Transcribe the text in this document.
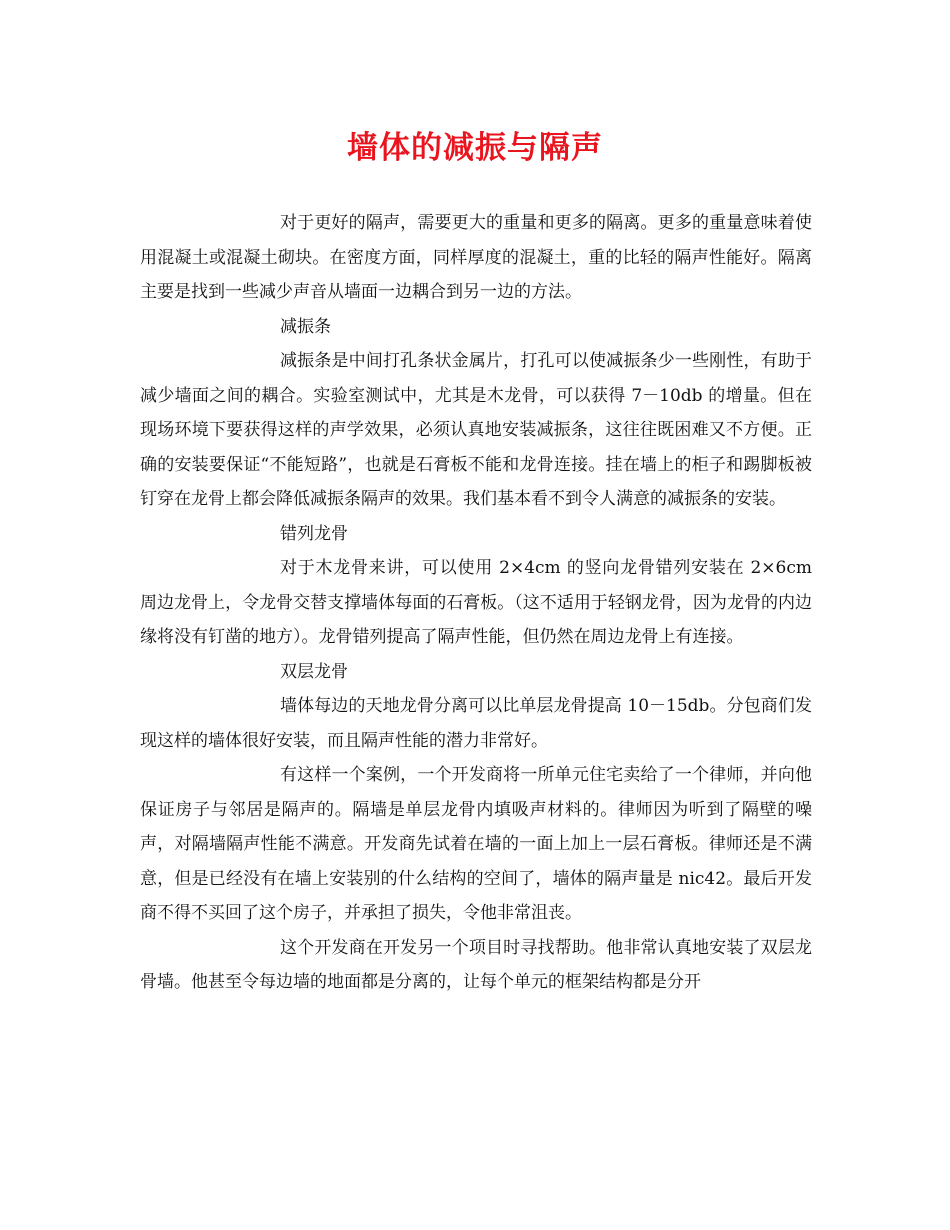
墙体的减振与隔声

对于更好的隔声，需要更大的重量和更多的隔离。更多的重量意味着使用混凝土或混凝土砌块。在密度方面，同样厚度的混凝土，重的比轻的隔声性能好。隔离主要是找到一些减少声音从墙面一边耦合到另一边的方法。

减振条

减振条是中间打孔条状金属片，打孔可以使减振条少一些刚性，有助于减少墙面之间的耦合。实验室测试中，尤其是木龙骨，可以获得 7－10db 的增量。但在现场环境下要获得这样的声学效果，必须认真地安装减振条，这往往既困难又不方便。正确的安装要保证“不能短路”，也就是石膏板不能和龙骨连接。挂在墙上的柜子和踢脚板被钉穿在龙骨上都会降低减振条隔声的效果。我们基本看不到令人满意的减振条的安装。

错列龙骨

对于木龙骨来讲，可以使用 2×4cm 的竖向龙骨错列安装在 2×6cm 周边龙骨上，令龙骨交替支撑墙体每面的石膏板。（这不适用于轻钢龙骨，因为龙骨的内边缘将没有钉凿的地方）。龙骨错列提高了隔声性能，但仍然在周边龙骨上有连接。

双层龙骨

墙体每边的天地龙骨分离可以比单层龙骨提高 10－15db。分包商们发现这样的墙体很好安装，而且隔声性能的潜力非常好。

有这样一个案例，一个开发商将一所单元住宅卖给了一个律师，并向他保证房子与邻居是隔声的。隔墙是单层龙骨内填吸声材料的。律师因为听到了隔壁的噪声，对隔墙隔声性能不满意。开发商先试着在墙的一面上加上一层石膏板。律师还是不满意，但是已经没有在墙上安装别的什么结构的空间了，墙体的隔声量是 nic42。最后开发商不得不买回了这个房子，并承担了损失，令他非常沮丧。

这个开发商在开发另一个项目时寻找帮助。他非常认真地安装了双层龙骨墙。他甚至令每边墙的地面都是分离的，让每个单元的框架结构都是分开
